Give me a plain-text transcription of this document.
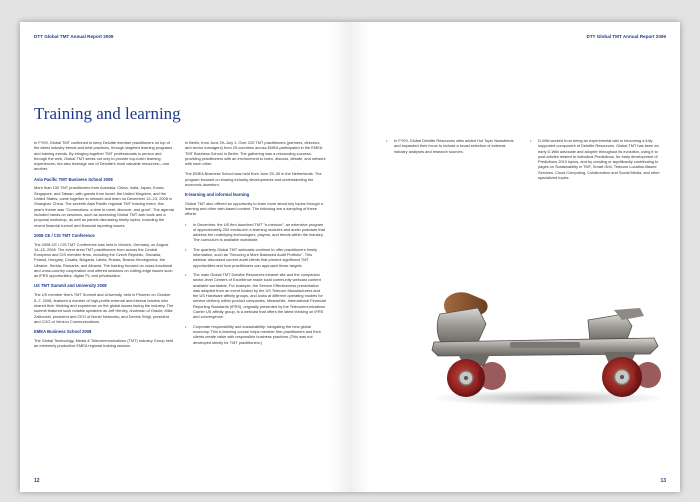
DTT Global TMT Annual Report 2009
Training and learning

In FY09, Global TMT continued to keep Deloitte member practitioners on top of the latest industry trends and best practices, through targeted learning programs and training events. By bringing together TMT professionals in person and through the web, Global TMT seeks not only to provide top-notch learning experiences, but also leverage one of Deloitte's most valuable resources—one another.

Asia Pacific TMT Business School 2008

More than 130 TMT practitioners from Australia, China, India, Japan, Korea, Singapore, and Taiwan, with guests from Israel, the United Kingdom, and the United States, came together to network and learn on December 12–13, 2008 in Shanghai, China. The seventh Asia Pacific regional TMT training event, this year's theme was "Connections: a time to meet, discover, and grow". The agenda included hands-on sessions, such as accessing Global TMT web tools and a proposal workshop, as well as panels discussing timely topics, including the recent financial turmoil and financial reporting issues.

2008 CE / CIS TMT Conference

The 2008 CE / CIS TMT Conference was held in Munich, Germany, on August 14–15, 2008. The event drew TMT practitioners from across the Central European and CIS member firms, including the Czech Republic, Slovakia, Poland, Hungary, Croatia, Bulgaria, Latvia, Russia, Bosnia Herzegovina, the Ukraine, Serbia, Romania, and Albania. The training focused on cross-functional and cross-country cooperation and offered sessions on cutting-edge issues such as IFRS opportunities, digital TV, and privatization.

US TMT Summit and University 2008

The US member firm's TMT Summit and University, held in Phoenix on October 5–7, 2008, featured a number of high-profile external and internal leaders who shared their thinking and experience on the global issues facing the industry. The summit featured such notable speakers as Jeff Henley, chairman of Oracle; Mike Zafirovski, president and CEO of Nortel Networks; and Dennis Strigl, president and COO of Verizon Communications.

EMEA Business School 2008

The Global Technology, Media & Telecommunications (TMT) Industry Group held an extremely productive EMEA regional training session

in Berlin, from June 29–July 1. Over 220 TMT practitioners (partners, directors, and senior managers) from 25 countries across EMEA participated in the EMEA TMT Business School in Berlin. The gathering was a resounding success, providing practitioners with an environment to learn, discuss, debate, and network with each other.

The EMEA Business School was held from June 29–30 in the Netherlands. The program focused on sharing industry developments and understanding the economic downturn.

E-learning and informal learning

Global TMT also offered an opportunity to learn more about key topics through e-learning and other web-based content. The following are a sampling of these efforts:

• In December, the US firm launched TMT "e-mersion", an extensive program of approximately 200 media-rich e-learning modules and audio podcasts that address the underlying technologies, players, and trends within the industry. The curriculum is available worldwide.
• The quarterly Global TMT webcasts continue to offer practitioners timely information, such as "Securing a More Balanced Audit Portfolio". This webinar discussed current audit clients that present significant TMT opportunities and how practitioners can approach these targets.
• The main Global TMT Deloitte Resources intranet site and the companion sector-level Centers of Excellence made local community webcast content available worldwide. For example, the Service Effectiveness presentation was adapted from an event hosted by the US Telecom Manufacturers and the US Hardware affinity groups, and looks at different operating models for service delivery within product companies. Meanwhile, International Financial Reporting Standards (IFRS), originally presented by the Telecommunications Carrier US affinity group, is a webcast that offers the latest thinking on IFRS and convergence.
• Corporate responsibility and sustainability: navigating the new global economy. This e-learning course helps member firm practitioners and their clients create value with responsible business practices (This was not developed strictly for TMT practitioners.)
12
DTT Global TMT Annual Report 2009
• In FY09, Global Deloitte Resources sites added Hot Topic Newsfeeds and expanded their focus to include a broad selection of external industry analyses and research sources.
• D-Wiki worked from being an experimental wiki to becoming a fully supported component of Deloitte Resources. Global TMT has been an early D-Wiki advocate and adopter throughout its evolution, using it to post articles related to individual Predictions, for early development of Predictions 2010 topics, and by creating or significantly contributing to pages on Sustainability in TMT, Smart Grid, Telecom Location-Based Services, Cloud Computing, Collaboration and Social Media, and other specialized topics.
13
